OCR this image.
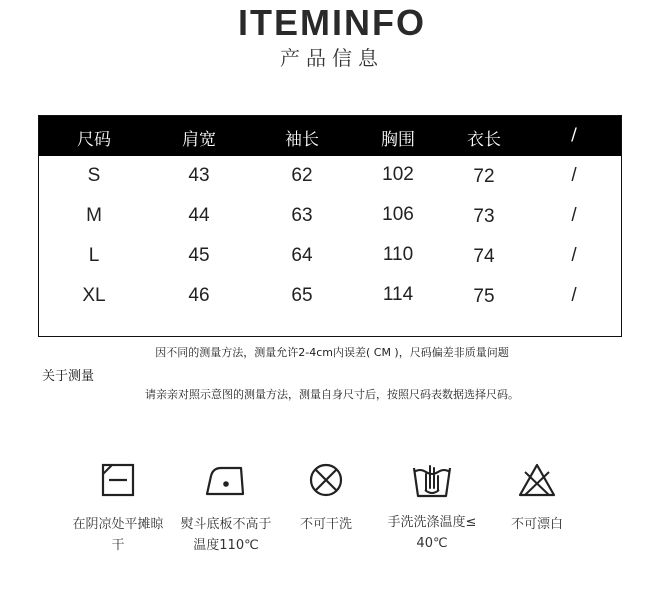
ITEMINFO
产品信息
尺码	肩宽	袖长	胸围	衣长	/
S	43	62	102	72	/
M	44	63	106	73	/
L	45	64	110	74	/
XL	46	65	114	75	/
因不同的测量方法，测量允许2-4cm内误差( CM )，尺码偏差非质量问题
关于测量
请亲亲对照示意图的测量方法，测量自身尺寸后，按照尺码表数据选择尺码。
在阴凉处平摊晾
干
熨斗底板不高于
温度110℃
不可干洗	手洗洗涤温度≤
40℃
不可漂白
